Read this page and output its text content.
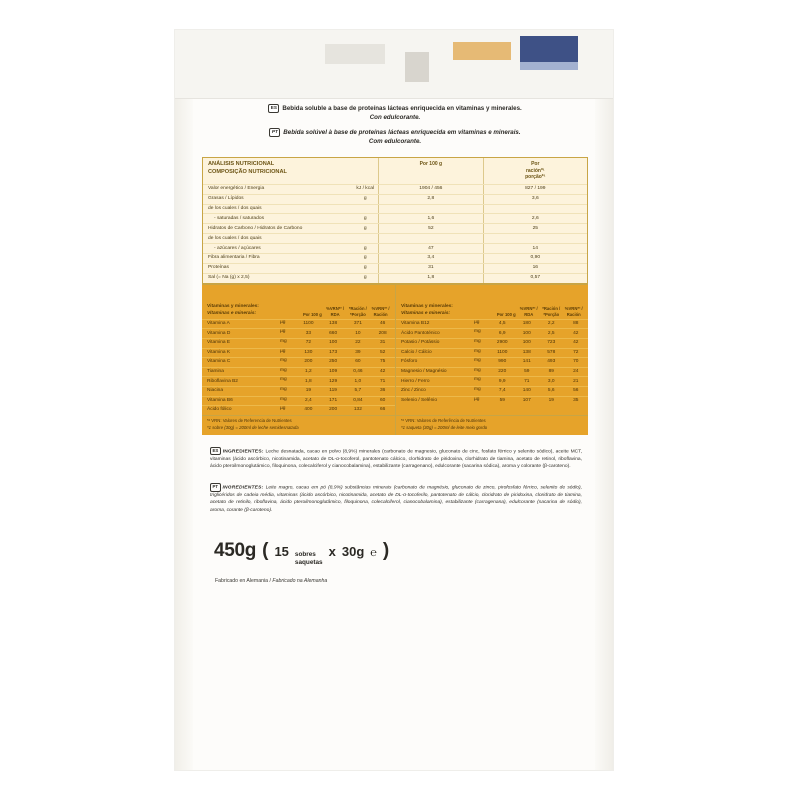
ES Bebida soluble a base de proteínas lácteas enriquecida en vitaminas y minerales.
Con edulcorante.
PT Bebida solúvel à base de proteínas lácteas enriquecida em vitaminas e minerais.
Com edulcorante.
ANÁLISIS NUTRICIONAL
COMPOSIÇÃO NUTRICIONAL
Por 100 g	Por
ración*¹
porção*¹
Valor energético / Energia	kJ / kcal	1904 / 456	827 / 199
Grasas / Lípidos	g	2,8	3,6
de los cuales / dos quais
- saturadas / saturados	g	1,6	2,6
Hidratos de Carbono / Hidratos de Carbono	g	52	25
de los cuales / dos quais
- azúcares / açúcares	g	47	14
Fibra alimentaria / Fibra	g	3,4	0,90
Proteínas	g	31	16
Sal (= Na (g) x 2,5)	g	1,8	0,57
Vitaminas y minerales:
Vitaminas e minerais:	Por 100 g
%VRN*² / RDA
*Ración / *Porção
%VRN*² / Ración
Vitamina A	µg	1100	138	371	46
Vitamina D	µg	33	660	10	208
Vitamina E	mg	72	100	22	31
Vitamina K	µg	130	173	39	52
Vitamina C	mg	200	250	60	75
Tiamina	mg	1,2	109	0,46	42
Riboflavina B2	mg	1,8	129	1,0	71
Niacina	mg	19	119	5,7	36
Vitamina B6	mg	2,4	171	0,84	60
Ácido fólico	µg	400	200	132	66
Vitaminas y minerales:
Vitaminas e minerais:	Por 100 g
%VRN*² / RDA
*Ración / *Porção
%VRN*² / Ración
Vitamina B12	µg	4,5	180	2,2	88
Ácido Pantoténico	mg	6,9	100	2,5	42
Potasio / Potássio	mg	2900	100	723	42
Calcio / Cálcio	mg	1100	138	578	72
Fósforo	mg	990	141	493	70
Magnesio / Magnésio	mg	220	59	89	24
Hierro / Ferro	mg	9,9	71	3,0	21
Zinc / Zinco	mg	7,4	140	5,6	56
Selenio / Selênio	µg	59	107	19	35
*² VRN: Valores de Referencia de Nutrientes
*1 sobre (30g) = 200ml de leche semidesnatada
*² VRN: Valores de Referência de Nutrientes
*1 saqueta (30g) = 200ml de leite meio gordo
ES INGREDIENTES: Leche desnatada, cacao en polvo (8,9%) minerales (carbonato de magnesio, gluconato de cinc, fosfato férrico y selenito sódico), aceite MCT, vitaminas (ácido ascórbico, nicotinamida, acetato de DL-α-tocoferol, pantotenato cálcico, clorhidrato de piridoxina, clorhidrato de tiamina, acetato de retinol, riboflavina, ácido pteroilmonoglutámico, filoquinona, colecalciferol y cianocobalamina), estabilizante (carragenano), edulcorante (sacarina sódica), aroma y colorante (β-caroteno).
PT INGREDIENTES: Leite magro, cacau em pó (8,9%) substâncias minerais (carbonato de magnésio, gluconato de zinco, pirofosfato férrico, selenito de sódio), triglicéridos de cadeia média, vitaminas (ácido ascórbico, nicotinamida, acetato de DL-α-tocoferilo, pantotenato de cálcio, cloridrato de piridoxina, cloridrato de tiamina, acetato de retinilo, riboflavina, ácido pteroilmonoglutâmico, filoquinona, colecalciferol, cianocobalamina), estabilizante (carragenana), edulcorante (sacarina de sódio), aroma, corante (β-caroteno).
450g ( 15 sobres
saquetas
x 30g ℮ )
Fabricado en Alemania / Fabricado na Alemanha
